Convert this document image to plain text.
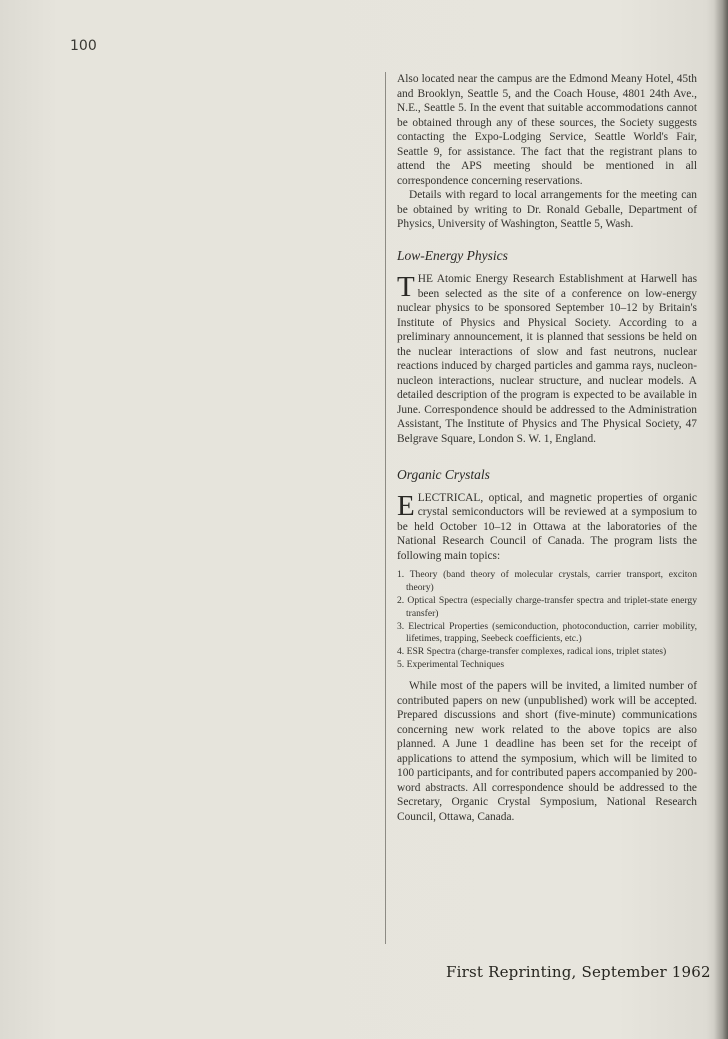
100

Also located near the campus are the Edmond Meany Hotel, 45th and Brooklyn, Seattle 5, and the Coach House, 4801 24th Ave., N.E., Seattle 5. In the event that suitable accommodations cannot be obtained through any of these sources, the Society suggests contacting the Expo-Lodging Service, Seattle World's Fair, Seattle 9, for assistance. The fact that the registrant plans to attend the APS meeting should be mentioned in all correspondence concerning reservations.

Details with regard to local arrangements for the meeting can be obtained by writing to Dr. Ronald Geballe, Department of Physics, University of Washington, Seattle 5, Wash.

Low-Energy Physics

THE Atomic Energy Research Establishment at Harwell has been selected as the site of a conference on low-energy nuclear physics to be sponsored September 10–12 by Britain's Institute of Physics and Physical Society. According to a preliminary announcement, it is planned that sessions be held on the nuclear interactions of slow and fast neutrons, nuclear reactions induced by charged particles and gamma rays, nucleon-nucleon interactions, nuclear structure, and nuclear models. A detailed description of the program is expected to be available in June. Correspondence should be addressed to the Administration Assistant, The Institute of Physics and The Physical Society, 47 Belgrave Square, London S. W. 1, England.

Organic Crystals

ELECTRICAL, optical, and magnetic properties of organic crystal semiconductors will be reviewed at a symposium to be held October 10–12 in Ottawa at the laboratories of the National Research Council of Canada. The program lists the following main topics:

1. Theory (band theory of molecular crystals, carrier transport, exciton theory)
2. Optical Spectra (especially charge-transfer spectra and triplet-state energy transfer)
3. Electrical Properties (semiconduction, photoconduction, carrier mobility, lifetimes, trapping, Seebeck coefficients, etc.)
4. ESR Spectra (charge-transfer complexes, radical ions, triplet states)
5. Experimental Techniques

While most of the papers will be invited, a limited number of contributed papers on new (unpublished) work will be accepted. Prepared discussions and short (five-minute) communications concerning new work related to the above topics are also planned. A June 1 deadline has been set for the receipt of applications to attend the symposium, which will be limited to 100 participants, and for contributed papers accompanied by 200-word abstracts. All correspondence should be addressed to the Secretary, Organic Crystal Symposium, National Research Council, Ottawa, Canada.

First Reprinting, September 1962
